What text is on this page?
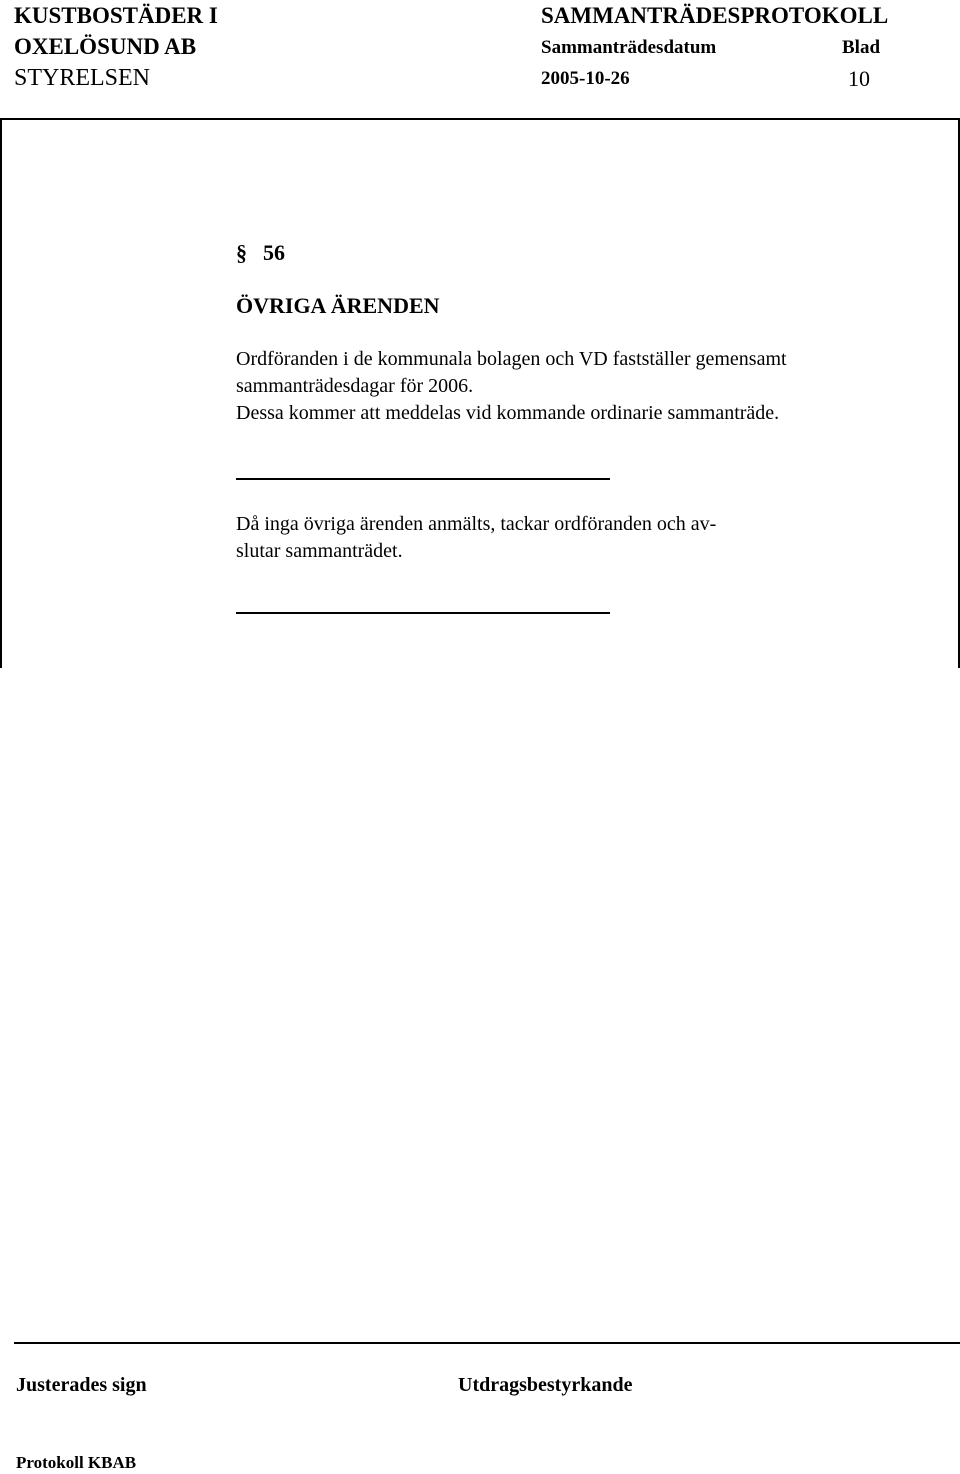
KUSTBOSTÄDER I
OXELÖSUND AB
STYRELSEN
SAMMANTRÄDESPROTOKOLL
Sammanträdesdatum	Blad
2005-10-26	10
§ 56
ÖVRIGA ÄRENDEN
Ordföranden i de kommunala bolagen och VD fastställer gemensamt
sammanträdesdagar för 2006.
Dessa kommer att meddelas vid kommande ordinarie sammanträde.
Då inga övriga ärenden anmälts, tackar ordföranden och av-
slutar sammanträdet.
Justerades sign	Utdragsbestyrkande
Protokoll KBAB
